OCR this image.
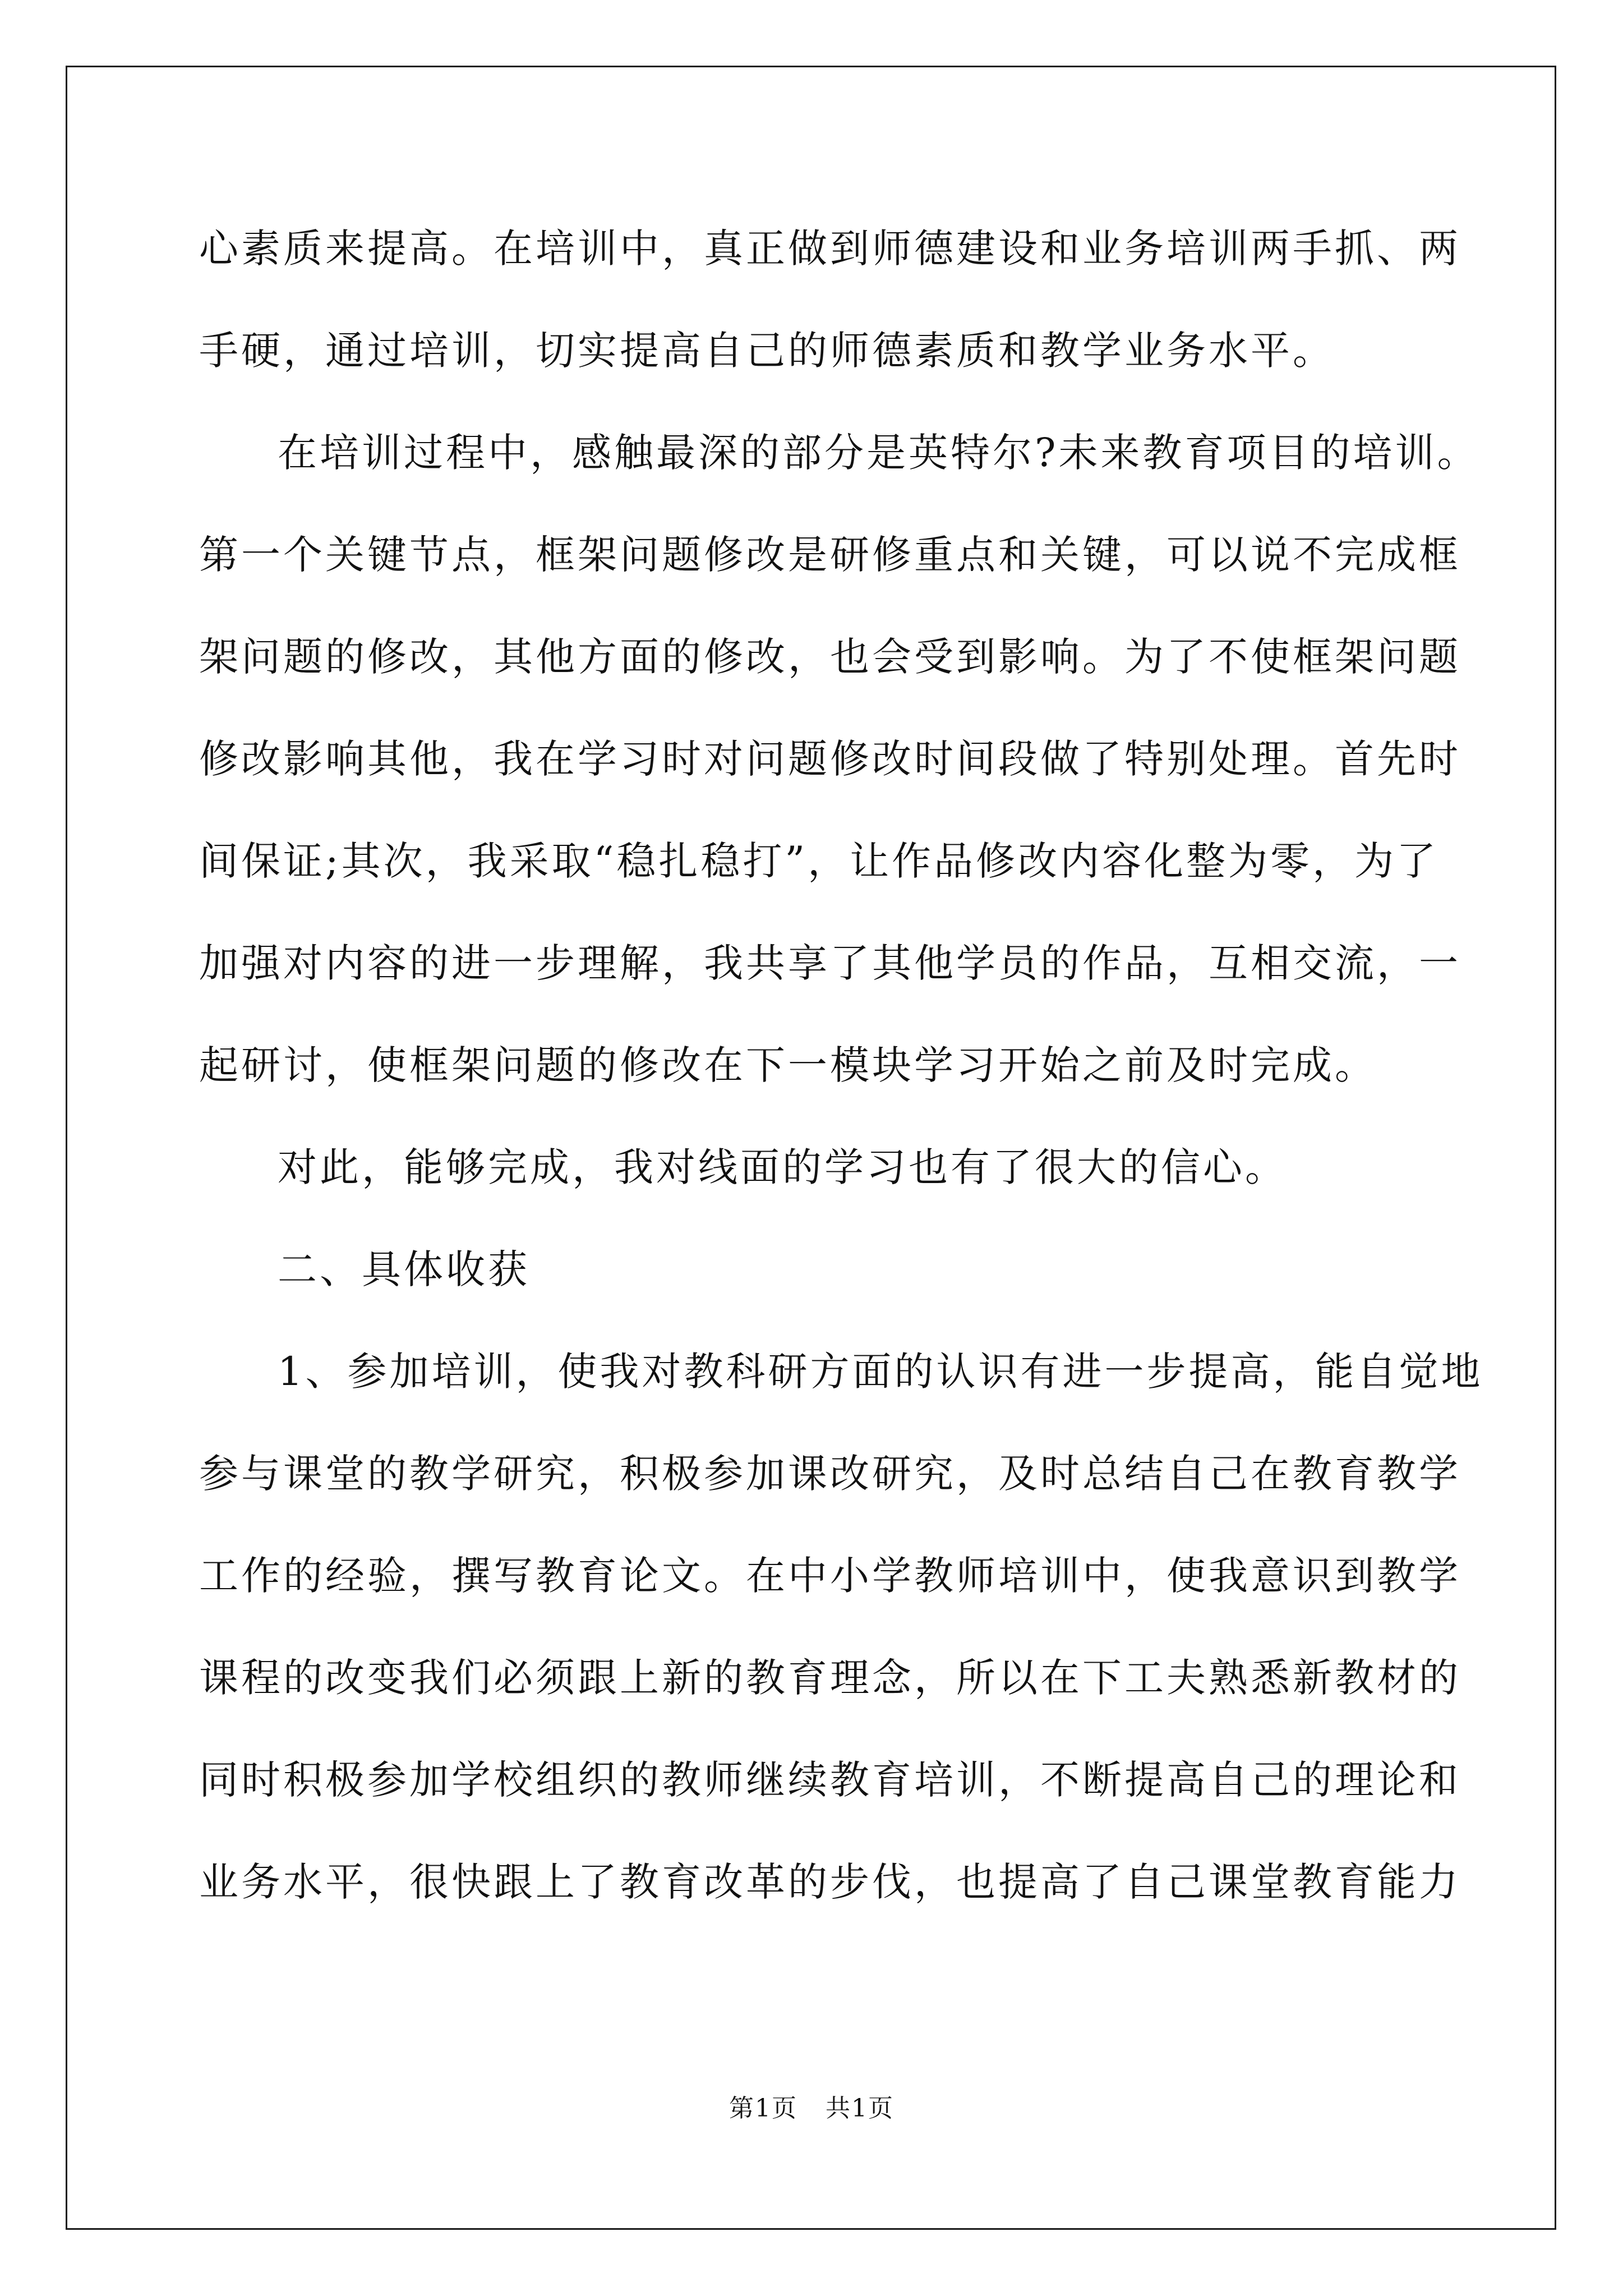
心素质来提高。在培训中，真正做到师德建设和业务培训两手抓、两
手硬，通过培训，切实提高自己的师德素质和教学业务水平。
在培训过程中，感触最深的部分是英特尔?未来教育项目的培训。
第一个关键节点，框架问题修改是研修重点和关键，可以说不完成框
架问题的修改，其他方面的修改，也会受到影响。为了不使框架问题
修改影响其他，我在学习时对问题修改时间段做了特别处理。首先时
间保证;其次，我采取“稳扎稳打”，让作品修改内容化整为零，为了
加强对内容的进一步理解，我共享了其他学员的作品，互相交流，一
起研讨，使框架问题的修改在下一模块学习开始之前及时完成。
对此，能够完成，我对线面的学习也有了很大的信心。
二、具体收获
1、参加培训，使我对教科研方面的认识有进一步提高，能自觉地
参与课堂的教学研究，积极参加课改研究，及时总结自己在教育教学
工作的经验，撰写教育论文。在中小学教师培训中，使我意识到教学
课程的改变我们必须跟上新的教育理念，所以在下工夫熟悉新教材的
同时积极参加学校组织的教师继续教育培训，不断提高自己的理论和
业务水平，很快跟上了教育改革的步伐，也提高了自己课堂教育能力
第1页 共1页
